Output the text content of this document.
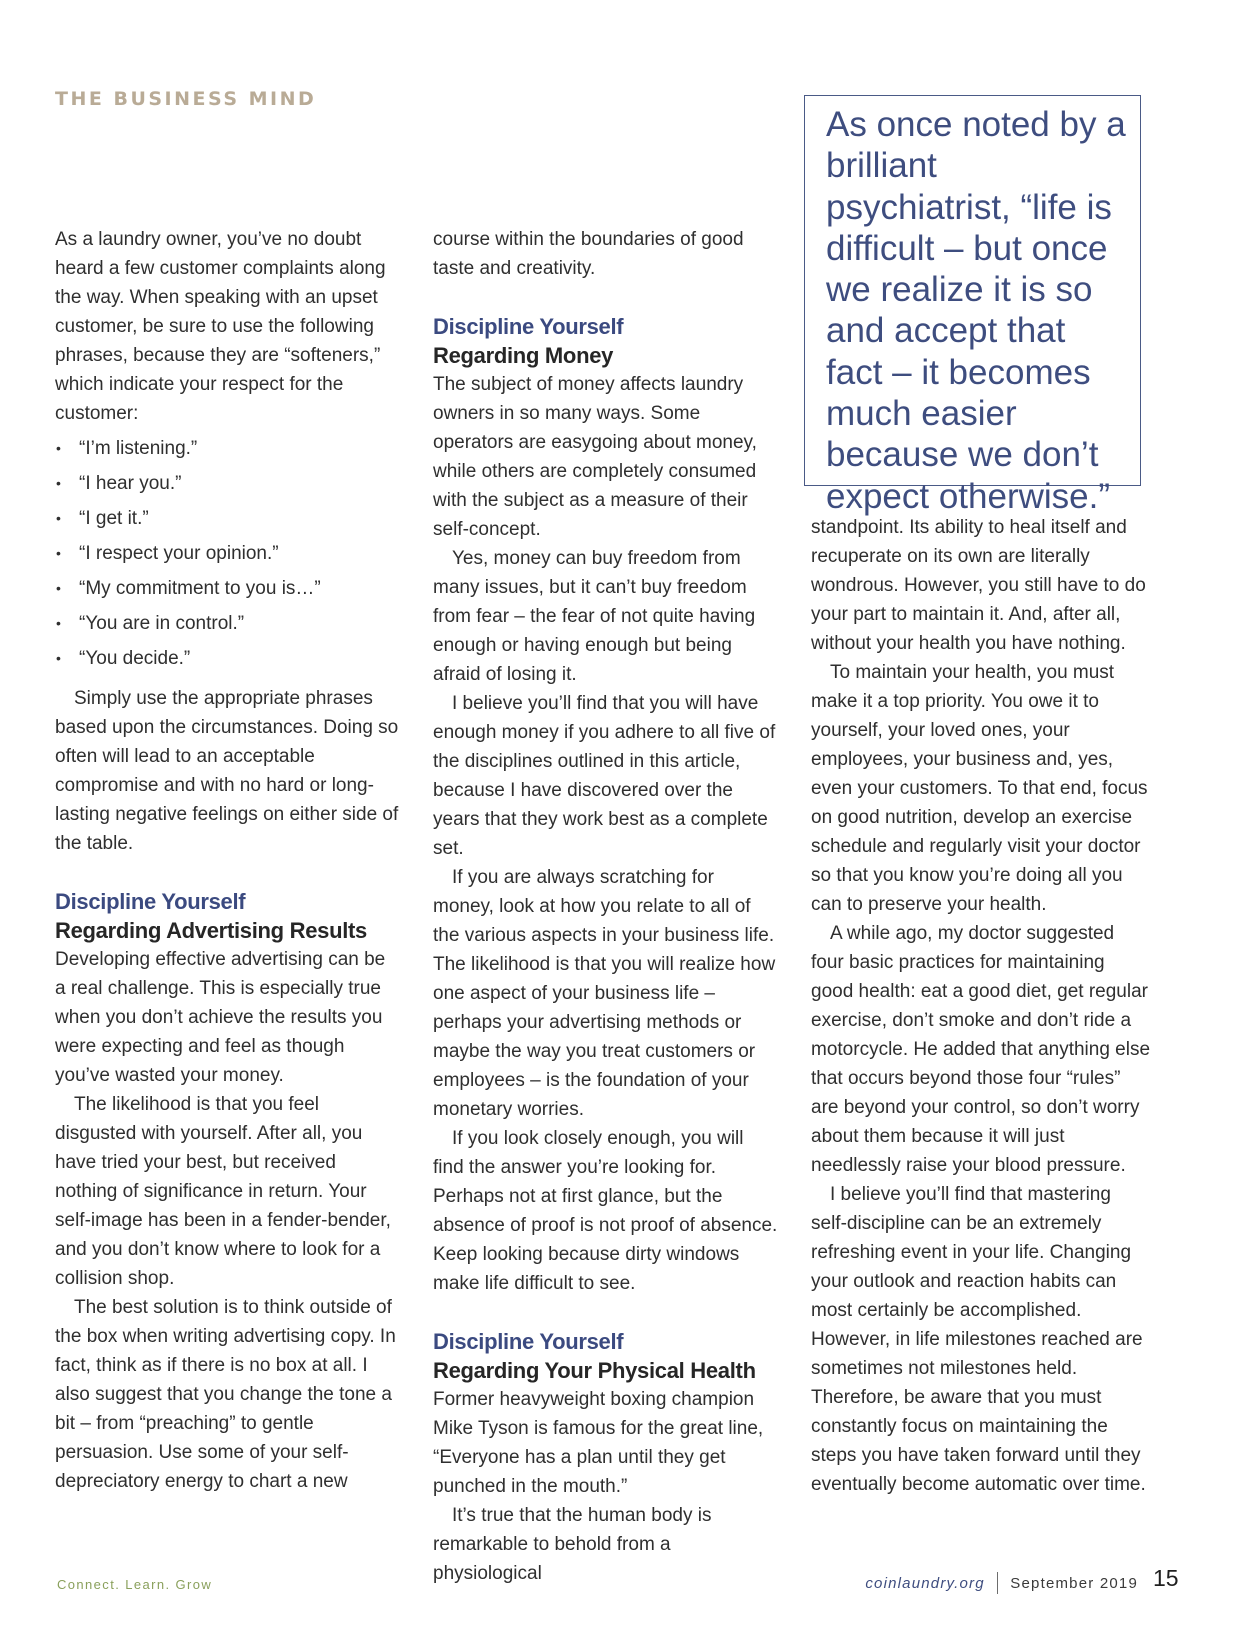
THE BUSINESS MIND
As once noted by a brilliant psychiatrist, “life is difficult – but once we realize it is so and accept that fact – it becomes much easier because we don’t expect otherwise.”

As a laundry owner, you’ve no doubt heard a few customer complaints along the way. When speaking with an upset customer, be sure to use the following phrases, because they are “softeners,” which indicate your respect for the customer:

• “I’m listening.”
• “I hear you.”
• “I get it.”
• “I respect your opinion.”
• “My commitment to you is…”
• “You are in control.”
• “You decide.”

Simply use the appropriate phrases based upon the circumstances. Doing so often will lead to an acceptable compromise and with no hard or long-lasting negative feelings on either side of the table.

Discipline Yourself
Regarding Advertising Results

Developing effective advertising can be a real challenge. This is especially true when you don’t achieve the results you were expecting and feel as though you’ve wasted your money.

The likelihood is that you feel disgusted with yourself. After all, you have tried your best, but received nothing of significance in return. Your self-image has been in a fender-bender, and you don’t know where to look for a collision shop.

The best solution is to think outside of the box when writing advertising copy. In fact, think as if there is no box at all. I also suggest that you change the tone a bit – from “preaching” to gentle persuasion. Use some of your self-depreciatory energy to chart a new

course within the boundaries of good taste and creativity.

Discipline Yourself
Regarding Money

The subject of money affects laundry owners in so many ways. Some operators are easygoing about money, while others are completely consumed with the subject as a measure of their self-concept.

Yes, money can buy freedom from many issues, but it can’t buy freedom from fear – the fear of not quite having enough or having enough but being afraid of losing it.

I believe you’ll find that you will have enough money if you adhere to all five of the disciplines outlined in this article, because I have discovered over the years that they work best as a complete set.

If you are always scratching for money, look at how you relate to all of the various aspects in your business life. The likelihood is that you will realize how one aspect of your business life – perhaps your advertising methods or maybe the way you treat customers or employees – is the foundation of your monetary worries.

If you look closely enough, you will find the answer you’re looking for. Perhaps not at first glance, but the absence of proof is not proof of absence. Keep looking because dirty windows make life difficult to see.

Discipline Yourself
Regarding Your Physical Health

Former heavyweight boxing champion Mike Tyson is famous for the great line, “Everyone has a plan until they get punched in the mouth.”

It’s true that the human body is remarkable to behold from a physiological

standpoint. Its ability to heal itself and recuperate on its own are literally wondrous. However, you still have to do your part to maintain it. And, after all, without your health you have nothing.

To maintain your health, you must make it a top priority. You owe it to yourself, your loved ones, your employees, your business and, yes, even your customers. To that end, focus on good nutrition, develop an exercise schedule and regularly visit your doctor so that you know you’re doing all you can to preserve your health.

A while ago, my doctor suggested four basic practices for maintaining good health: eat a good diet, get regular exercise, don’t smoke and don’t ride a motorcycle. He added that anything else that occurs beyond those four “rules” are beyond your control, so don’t worry about them because it will just needlessly raise your blood pressure.

I believe you’ll find that mastering self-discipline can be an extremely refreshing event in your life. Changing your outlook and reaction habits can most certainly be accomplished. However, in life milestones reached are sometimes not milestones held. Therefore, be aware that you must constantly focus on maintaining the steps you have taken forward until they eventually become automatic over time.

Connect. Learn. Grow	coinlaundry.org September 2019 15
